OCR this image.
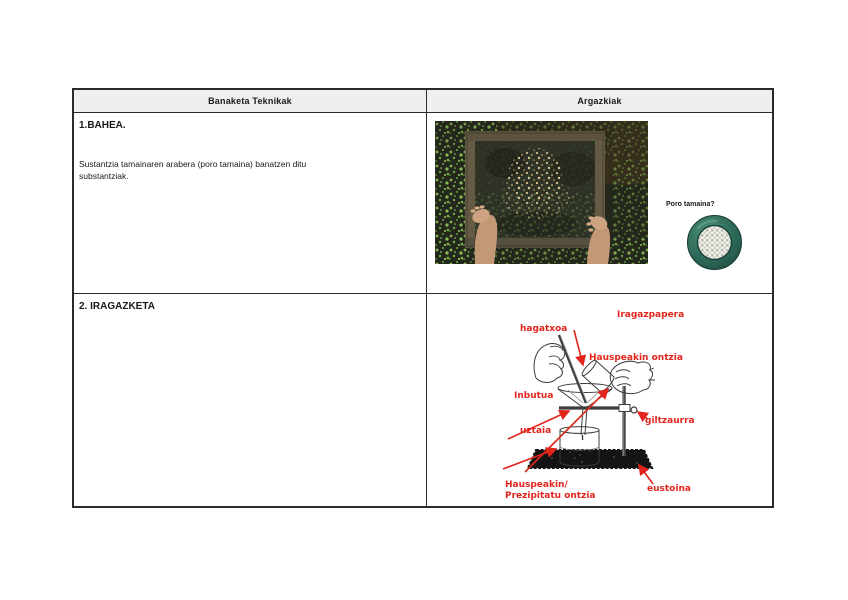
Banaketa Teknikak	Argazkiak
1.BAHEA.
Sustantzia tamainaren arabera (poro tamaina) banatzen ditu substantziak.
Poro tamaina?
2. IRAGAZKETA
Iragazpapera
hagatxoa
Hauspeakin ontzia
Inbutua
uztaia
giltzaurra
Hauspeakin/
Prezipitatu ontzia
eustoina
